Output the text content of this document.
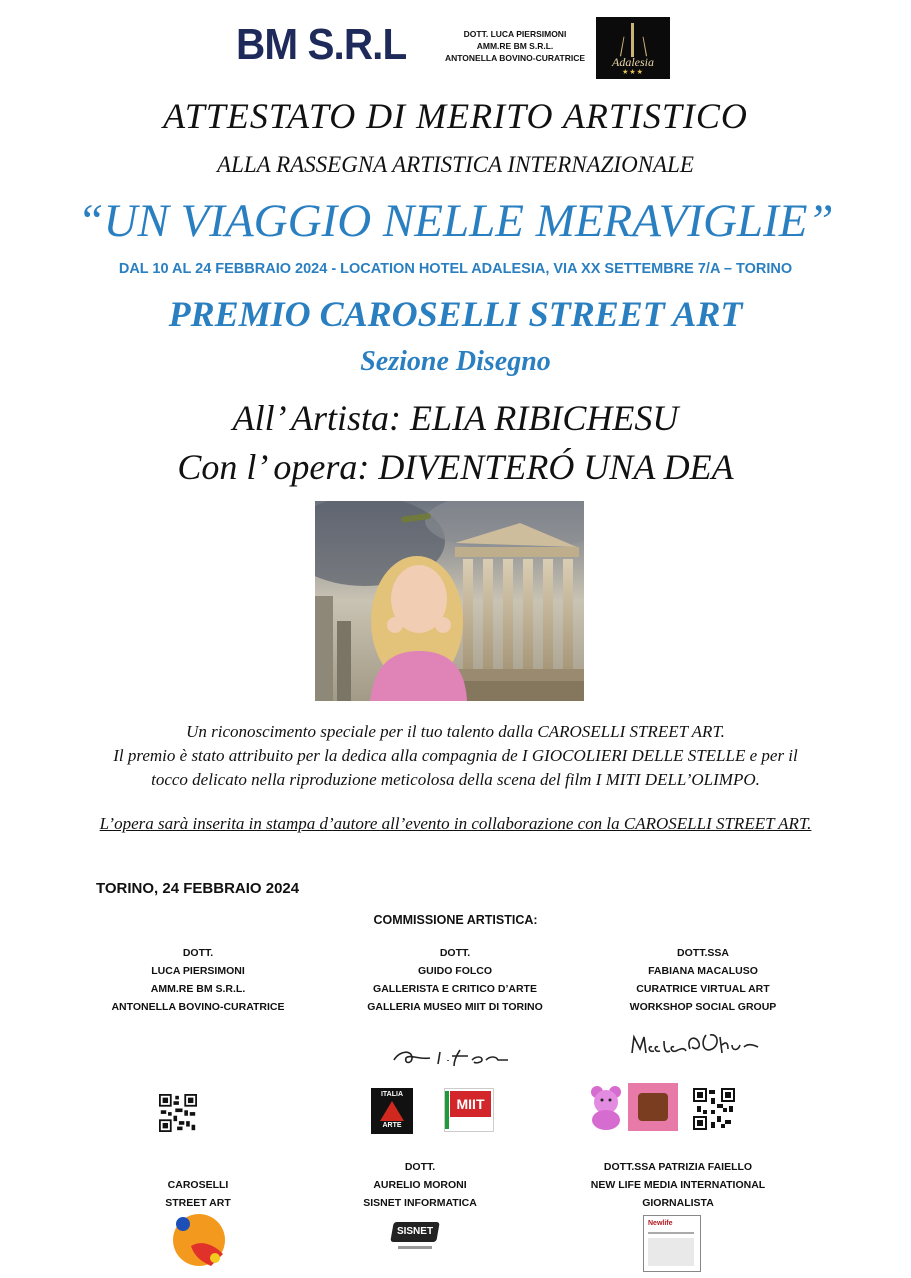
BM S.R.L	DOTT. LUCA PIERSIMONI
AMM.RE BM S.R.L.
ANTONELLA BOVINO-CURATRICE	Adalesia
★★★
ATTESTATO DI MERITO ARTISTICO
ALLA RASSEGNA ARTISTICA INTERNAZIONALE
“UN VIAGGIO NELLE MERAVIGLIE”
DAL 10 AL 24 FEBBRAIO 2024 - LOCATION HOTEL ADALESIA, VIA XX SETTEMBRE 7/A – TORINO
PREMIO CAROSELLI STREET ART
Sezione Disegno
All’ Artista: ELIA RIBICHESU
Con l’ opera: DIVENTERÓ UNA DEA
Un riconoscimento speciale per il tuo talento dalla CAROSELLI STREET ART.
Il premio è stato attribuito per la dedica alla compagnia de I GIOCOLIERI DELLE STELLE e per il
tocco delicato nella riproduzione meticolosa della scena del film I MITI DELL’OLIMPO.
L’opera sarà inserita in stampa d’autore all’evento in collaborazione con la CAROSELLI STREET ART.
TORINO, 24 FEBBRAIO 2024
COMMISSIONE ARTISTICA:
DOTT.
LUCA PIERSIMONI
AMM.RE BM S.R.L.
ANTONELLA BOVINO-CURATRICE
DOTT.
GUIDO FOLCO
GALLERISTA E CRITICO D’ARTE
GALLERIA MUSEO MIIT DI TORINO
DOTT.SSA
FABIANA MACALUSO
CURATRICE VIRTUAL ART
WORKSHOP SOCIAL GROUP
ITALIA
ARTE
MIIT
CAROSELLI
STREET ART
DOTT.
AURELIO MORONI
SISNET INFORMATICA
DOTT.SSA PATRIZIA FAIELLO
NEW LIFE MEDIA INTERNATIONAL
GIORNALISTA
SISNET
Newlife
